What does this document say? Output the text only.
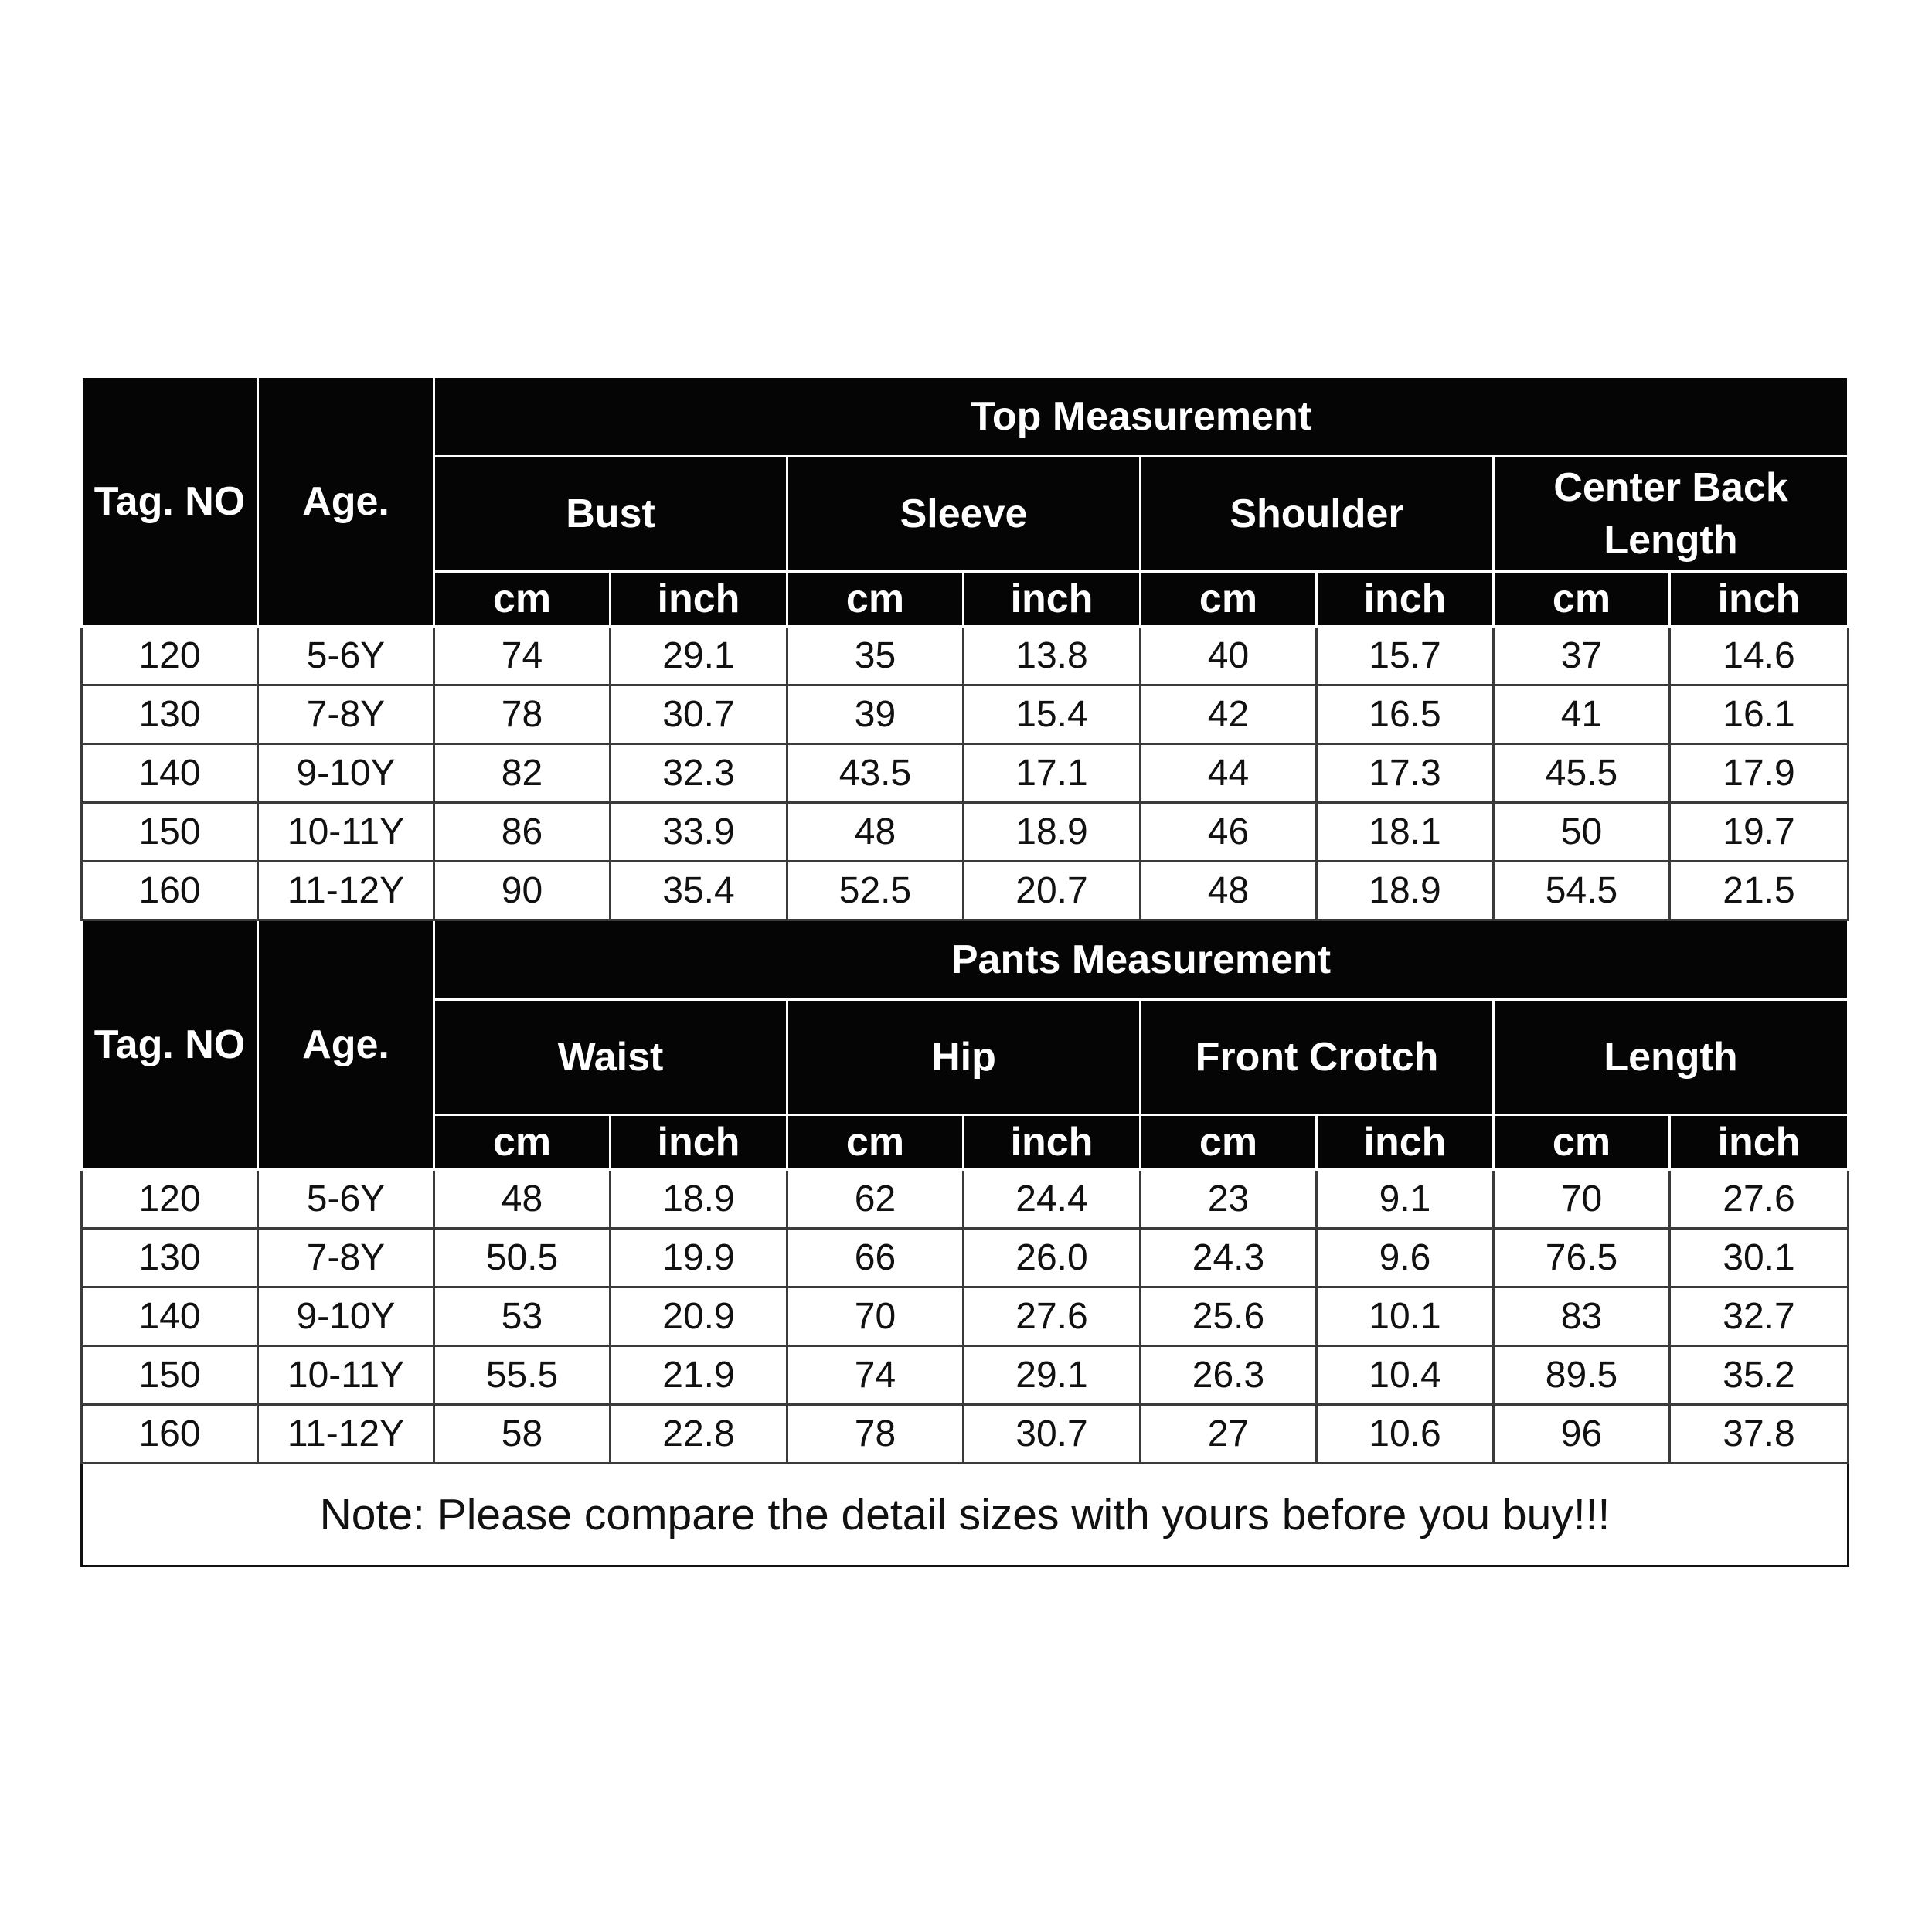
Tag. NO	Age.	Top Measurement							
		Bust		Sleeve		Shoulder		Center Back Length	
		cm	inch	cm	inch	cm	inch	cm	inch
120	5-6Y	74	29.1	35	13.8	40	15.7	37	14.6
130	7-8Y	78	30.7	39	15.4	42	16.5	41	16.1
140	9-10Y	82	32.3	43.5	17.1	44	17.3	45.5	17.9
150	10-11Y	86	33.9	48	18.9	46	18.1	50	19.7
160	11-12Y	90	35.4	52.5	20.7	48	18.9	54.5	21.5
Tag. NO	Age.	Pants Measurement							
		Waist		Hip		Front Crotch		Length	
		cm	inch	cm	inch	cm	inch	cm	inch
120	5-6Y	48	18.9	62	24.4	23	9.1	70	27.6
130	7-8Y	50.5	19.9	66	26.0	24.3	9.6	76.5	30.1
140	9-10Y	53	20.9	70	27.6	25.6	10.1	83	32.7
150	10-11Y	55.5	21.9	74	29.1	26.3	10.4	89.5	35.2
160	11-12Y	58	22.8	78	30.7	27	10.6	96	37.8
Note: Please compare the detail sizes with yours before you buy!!!									
